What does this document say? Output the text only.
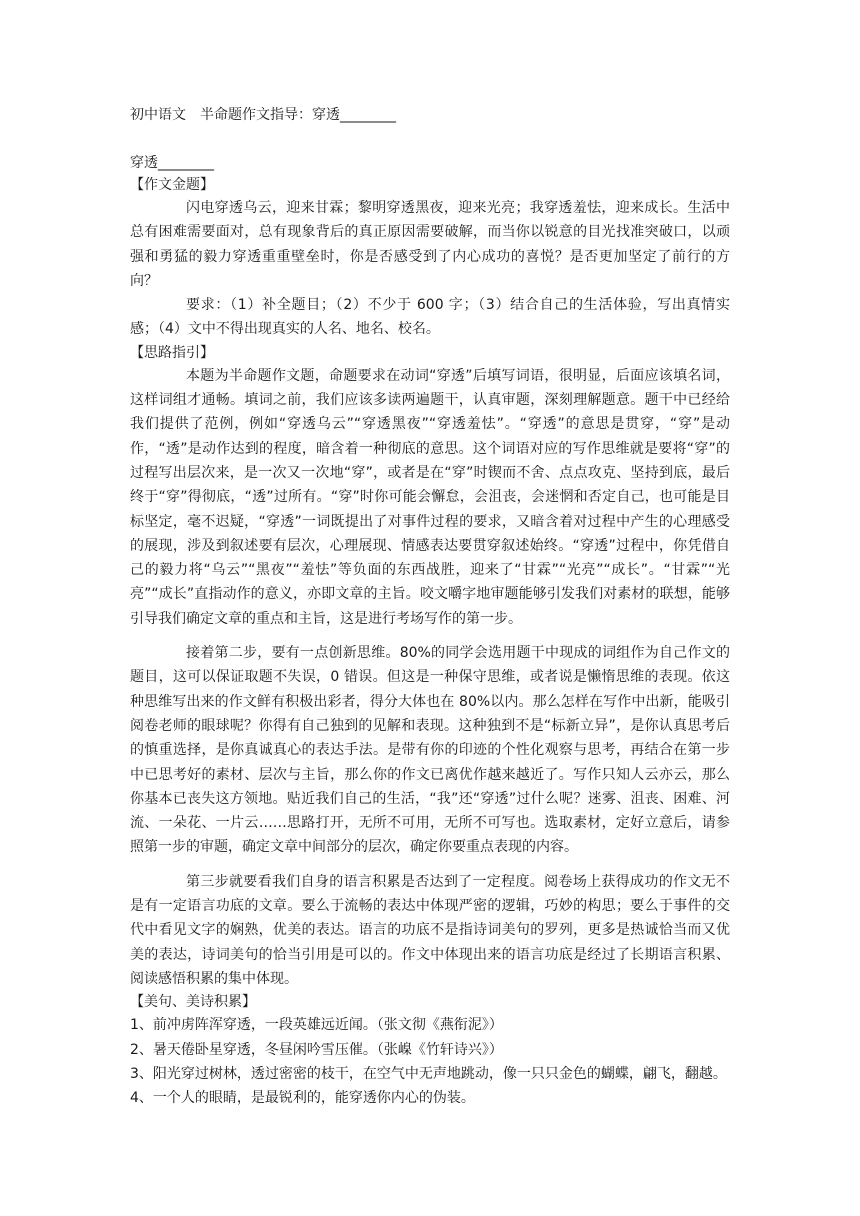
初中语文　半命题作文指导：穿透________
穿透________
【作文金题】

闪电穿透乌云，迎来甘霖；黎明穿透黑夜，迎来光亮；我穿透羞怯，迎来成长。生活中总有困难需要面对，总有现象背后的真正原因需要破解，而当你以锐意的目光找准突破口，以顽强和勇猛的毅力穿透重重壁垒时，你是否感受到了内心成功的喜悦？是否更加坚定了前行的方向？

要求：（1）补全题目；（2）不少于 600 字；（3）结合自己的生活体验，写出真情实感；（4）文中不得出现真实的人名、地名、校名。

【思路指引】

本题为半命题作文题，命题要求在动词“穿透”后填写词语，很明显，后面应该填名词，这样词组才通畅。填词之前，我们应该多读两遍题干，认真审题，深刻理解题意。题干中已经给我们提供了范例，例如“穿透乌云”“穿透黑夜”“穿透羞怯”。“穿透”的意思是贯穿，“穿”是动作，“透”是动作达到的程度，暗含着一种彻底的意思。这个词语对应的写作思维就是要将“穿”的过程写出层次来，是一次又一次地“穿”，或者是在“穿”时锲而不舍、点点攻克、坚持到底，最后终于“穿”得彻底，“透”过所有。“穿”时你可能会懈怠，会沮丧，会迷惘和否定自己，也可能是目标坚定，毫不迟疑，“穿透”一词既提出了对事件过程的要求，又暗含着对过程中产生的心理感受的展现，涉及到叙述要有层次，心理展现、情感表达要贯穿叙述始终。“穿透”过程中，你凭借自己的毅力将“乌云”“黑夜”“羞怯”等负面的东西战胜，迎来了“甘霖”“光亮”“成长”。“甘霖”“光亮”“成长”直指动作的意义，亦即文章的主旨。咬文嚼字地审题能够引发我们对素材的联想，能够引导我们确定文章的重点和主旨，这是进行考场写作的第一步。

接着第二步，要有一点创新思维。80%的同学会选用题干中现成的词组作为自己作文的题目，这可以保证取题不失误，0 错误。但这是一种保守思维，或者说是懒惰思维的表现。依这种思维写出来的作文鲜有积极出彩者，得分大体也在 80%以内。那么怎样在写作中出新，能吸引阅卷老师的眼球呢？你得有自己独到的见解和表现。这种独到不是“标新立异”，是你认真思考后的慎重选择，是你真诚真心的表达手法。是带有你的印迹的个性化观察与思考，再结合在第一步中已思考好的素材、层次与主旨，那么你的作文已离优作越来越近了。写作只知人云亦云，那么你基本已丧失这方领地。贴近我们自己的生活，“我”还“穿透”过什么呢？迷雾、沮丧、困难、河流、一朵花、一片云……思路打开，无所不可用，无所不可写也。选取素材，定好立意后，请参照第一步的审题，确定文章中间部分的层次，确定你要重点表现的内容。

第三步就要看我们自身的语言积累是否达到了一定程度。阅卷场上获得成功的作文无不是有一定语言功底的文章。要么于流畅的表达中体现严密的逻辑，巧妙的构思；要么于事件的交代中看见文字的娴熟，优美的表达。语言的功底不是指诗词美句的罗列，更多是热诚恰当而又优美的表达，诗词美句的恰当引用是可以的。作文中体现出来的语言功底是经过了长期语言积累、阅读感悟积累的集中体现。

【美句、美诗积累】
1、前冲虏阵浑穿透，一段英雄远近闻。（张文彻《燕衔泥》）
2、暑天倦卧星穿透，冬昼闲吟雪压催。（张嵲《竹轩诗兴》）
3、阳光穿过树林，透过密密的枝干，在空气中无声地跳动，像一只只金色的蝴蝶，翩飞，翻越。
4、一个人的眼睛，是最锐利的，能穿透你内心的伪装。
